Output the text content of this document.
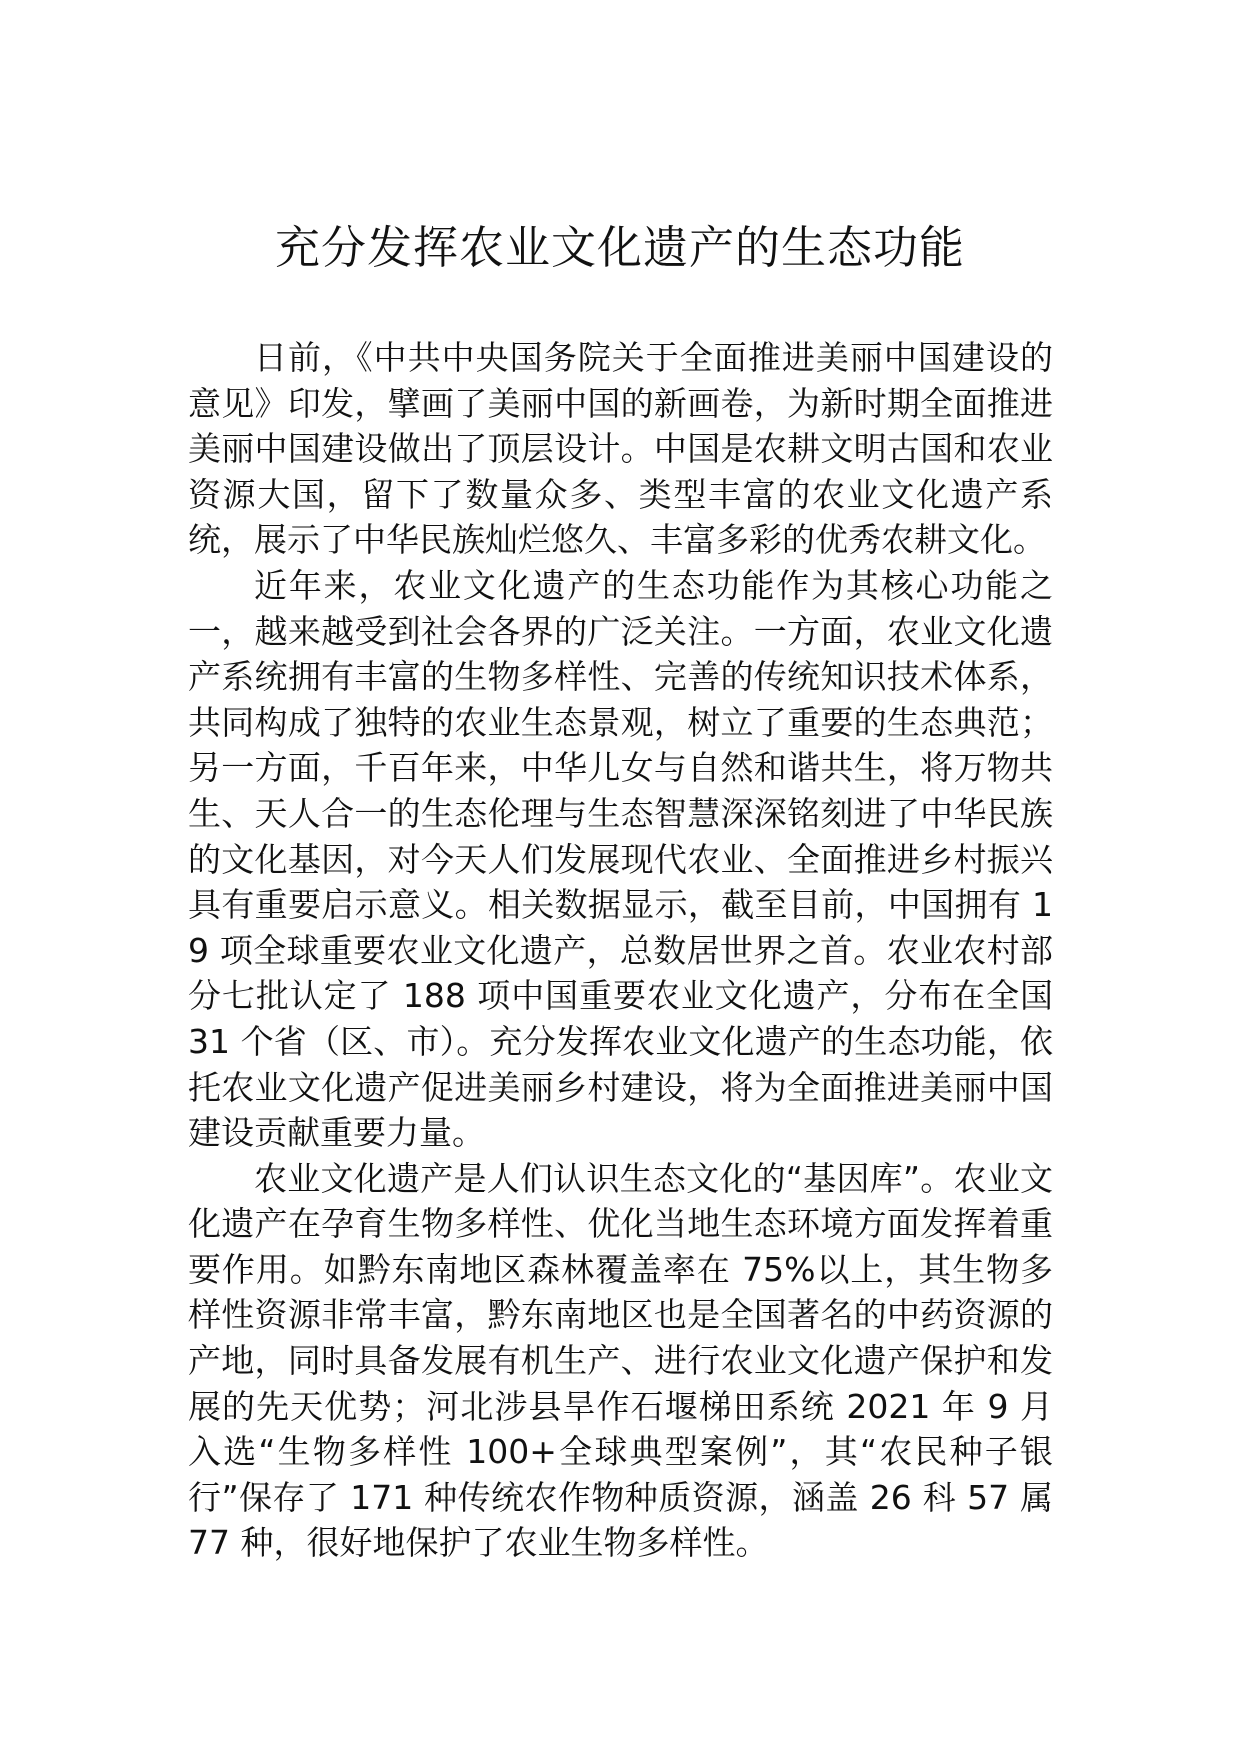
充分发挥农业文化遗产的生态功能

日前，《中共中央国务院关于全面推进美丽中国建设的意见》印发，擘画了美丽中国的新画卷，为新时期全面推进美丽中国建设做出了顶层设计。中国是农耕文明古国和农业资源大国，留下了数量众多、类型丰富的农业文化遗产系统，展示了中华民族灿烂悠久、丰富多彩的优秀农耕文化。

近年来，农业文化遗产的生态功能作为其核心功能之一，越来越受到社会各界的广泛关注。一方面，农业文化遗产系统拥有丰富的生物多样性、完善的传统知识技术体系，共同构成了独特的农业生态景观，树立了重要的生态典范；另一方面，千百年来，中华儿女与自然和谐共生，将万物共生、天人合一的生态伦理与生态智慧深深铭刻进了中华民族的文化基因，对今天人们发展现代农业、全面推进乡村振兴具有重要启示意义。相关数据显示，截至目前，中国拥有 19 项全球重要农业文化遗产，总数居世界之首。农业农村部分七批认定了 188 项中国重要农业文化遗产，分布在全国 31 个省（区、市）。充分发挥农业文化遗产的生态功能，依托农业文化遗产促进美丽乡村建设，将为全面推进美丽中国建设贡献重要力量。

农业文化遗产是人们认识生态文化的“基因库”。农业文化遗产在孕育生物多样性、优化当地生态环境方面发挥着重要作用。如黔东南地区森林覆盖率在 75%以上，其生物多样性资源非常丰富，黔东南地区也是全国著名的中药资源的产地，同时具备发展有机生产、进行农业文化遗产保护和发展的先天优势；河北涉县旱作石堰梯田系统 2021 年 9 月入选“生物多样性 100+全球典型案例”，其“农民种子银行”保存了 171 种传统农作物种质资源，涵盖 26 科 57 属 77 种，很好地保护了农业生物多样性。
